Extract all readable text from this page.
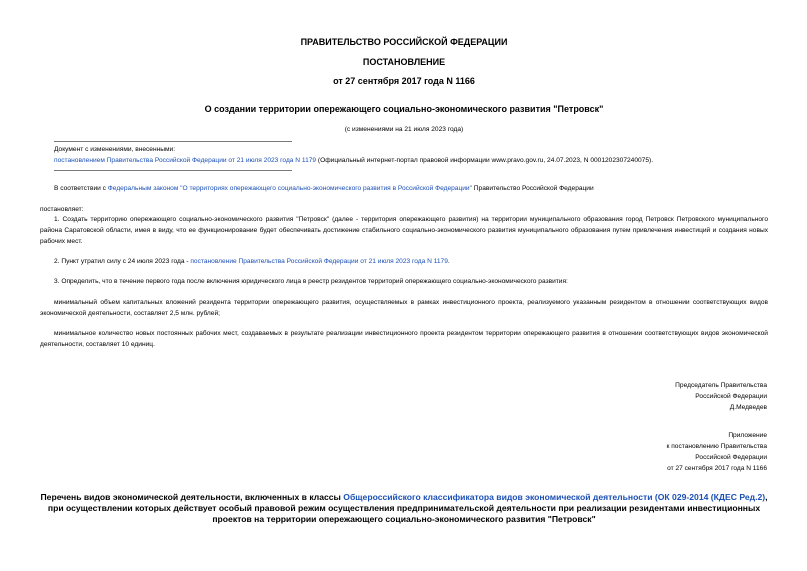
ПРАВИТЕЛЬСТВО РОССИЙСКОЙ ФЕДЕРАЦИИ
ПОСТАНОВЛЕНИЕ
от 27 сентября 2017 года N 1166
О создании территории опережающего социально-экономического развития "Петровск"
(с изменениями на 21 июля 2023 года)
Документ с изменениями, внесенными:
постановлением Правительства Российской Федерации от 21 июля 2023 года N 1179 (Официальный интернет-портал правовой информации www.pravo.gov.ru, 24.07.2023, N 0001202307240075).
В соответствии с Федеральным законом "О территориях опережающего социально-экономического развития в Российской Федерации" Правительство Российской Федерации
постановляет:
1. Создать территорию опережающего социально-экономического развития "Петровск" (далее - территория опережающего развития) на территории муниципального образования город Петровск Петровского муниципального района Саратовской области, имея в виду, что ее функционирование будет обеспечивать достижение стабильного социально-экономического развития муниципального образования путем привлечения инвестиций и создания новых рабочих мест.
2. Пункт утратил силу с 24 июля 2023 года - постановление Правительства Российской Федерации от 21 июля 2023 года N 1179.
3. Определить, что в течение первого года после включения юридического лица в реестр резидентов территорий опережающего социально-экономического развития:
минимальный объем капитальных вложений резидента территории опережающего развития, осуществляемых в рамках инвестиционного проекта, реализуемого указанным резидентом в отношении соответствующих видов экономической деятельности, составляет 2,5 млн. рублей;
минимальное количество новых постоянных рабочих мест, создаваемых в результате реализации инвестиционного проекта резидентом территории опережающего развития в отношении соответствующих видов экономической деятельности, составляет 10 единиц.
Председатель Правительства
Российской Федерации
Д.Медведев
Приложение
к постановлению Правительства
Российской Федерации
от 27 сентября 2017 года N 1166
Перечень видов экономической деятельности, включенных в классы Общероссийского классификатора видов экономической деятельности (ОК 029-2014 (КДЕС Ред.2), при осуществлении которых действует особый правовой режим осуществления предпринимательской деятельности при реализации резидентами инвестиционных проектов на территории опережающего социально-экономического развития "Петровск"
